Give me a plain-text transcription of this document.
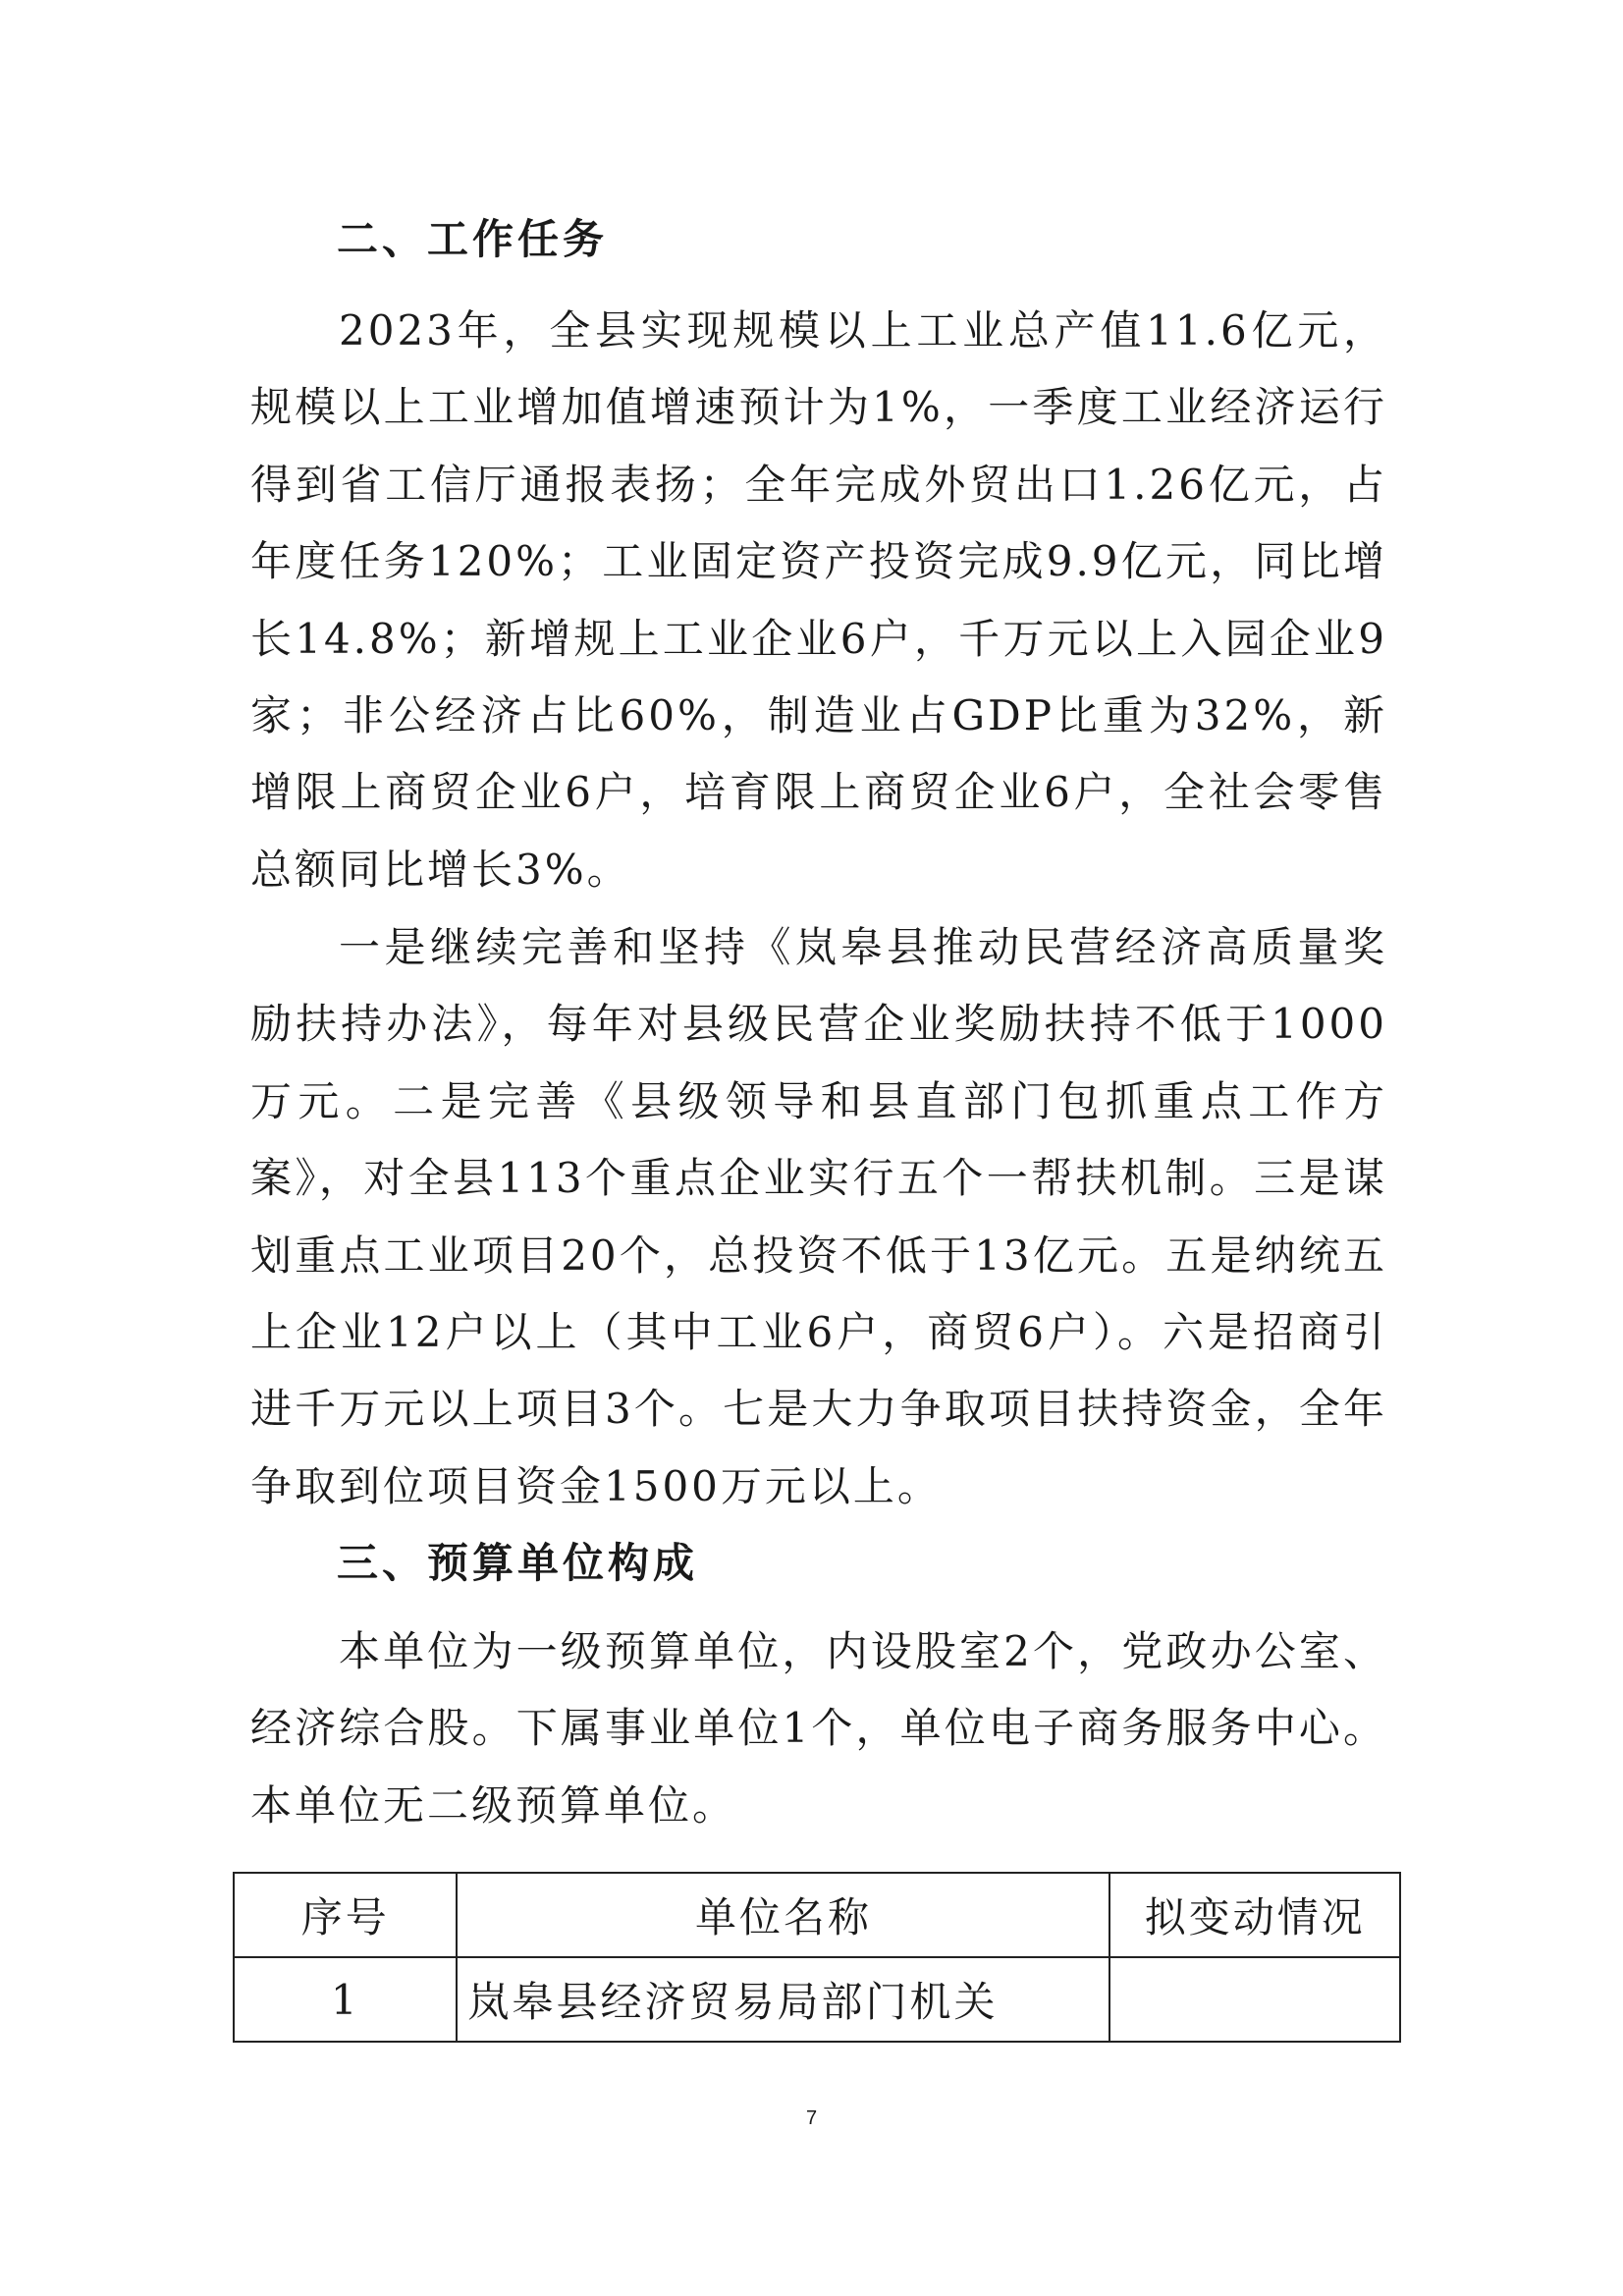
二、工作任务

2023年，全县实现规模以上工业总产值11.6亿元，规模以上工业增加值增速预计为1%，一季度工业经济运行得到省工信厅通报表扬；全年完成外贸出口1.26亿元，占年度任务120%；工业固定资产投资完成9.9亿元，同比增长14.8%；新增规上工业企业6户，千万元以上入园企业9家；非公经济占比60%，制造业占GDP比重为32%，新增限上商贸企业6户，培育限上商贸企业6户，全社会零售总额同比增长3%。

一是继续完善和坚持《岚皋县推动民营经济高质量奖励扶持办法》，每年对县级民营企业奖励扶持不低于1000万元。二是完善《县级领导和县直部门包抓重点工作方案》，对全县113个重点企业实行五个一帮扶机制。三是谋划重点工业项目20个，总投资不低于13亿元。五是纳统五上企业12户以上（其中工业6户，商贸6户）。六是招商引进千万元以上项目3个。七是大力争取项目扶持资金，全年争取到位项目资金1500万元以上。

三、预算单位构成

本单位为一级预算单位，内设股室2个，党政办公室、经济综合股。下属事业单位1个，单位电子商务服务中心。本单位无二级预算单位。

序号	单位名称	拟变动情况
1	岚皋县经济贸易局部门机关	
7
